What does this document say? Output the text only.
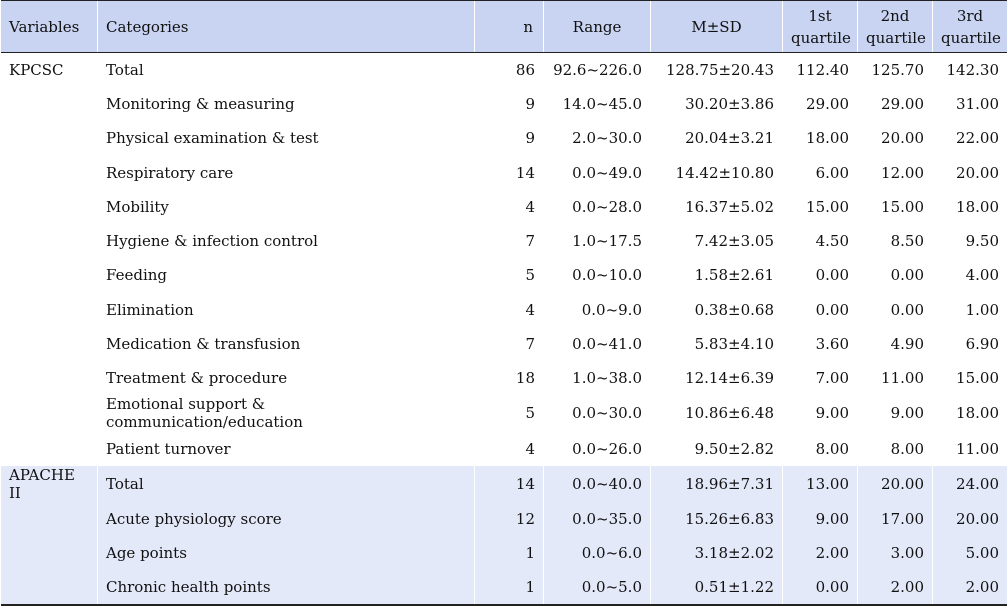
Variables	Categories	n	Range	M±SD	1st quartile	2nd quartile	3rd quartile
KPCSC	Total	86	92.6~226.0	128.75±20.43	112.40	125.70	142.30
	Monitoring & measuring	9	14.0~45.0	30.20±3.86	29.00	29.00	31.00
	Physical examination & test	9	2.0~30.0	20.04±3.21	18.00	20.00	22.00
	Respiratory care	14	0.0~49.0	14.42±10.80	6.00	12.00	20.00
	Mobility	4	0.0~28.0	16.37±5.02	15.00	15.00	18.00
	Hygiene & infection control	7	1.0~17.5	7.42±3.05	4.50	8.50	9.50
	Feeding	5	0.0~10.0	1.58±2.61	0.00	0.00	4.00
	Elimination	4	0.0~9.0	0.38±0.68	0.00	0.00	1.00
	Medication & transfusion	7	0.0~41.0	5.83±4.10	3.60	4.90	6.90
	Treatment & procedure	18	1.0~38.0	12.14±6.39	7.00	11.00	15.00
	Emotional support & communication/education	5	0.0~30.0	10.86±6.48	9.00	9.00	18.00
	Patient turnover	4	0.0~26.0	9.50±2.82	8.00	8.00	11.00
APACHE II	Total	14	0.0~40.0	18.96±7.31	13.00	20.00	24.00
	Acute physiology score	12	0.0~35.0	15.26±6.83	9.00	17.00	20.00
	Age points	1	0.0~6.0	3.18±2.02	2.00	3.00	5.00
	Chronic health points	1	0.0~5.0	0.51±1.22	0.00	2.00	2.00
